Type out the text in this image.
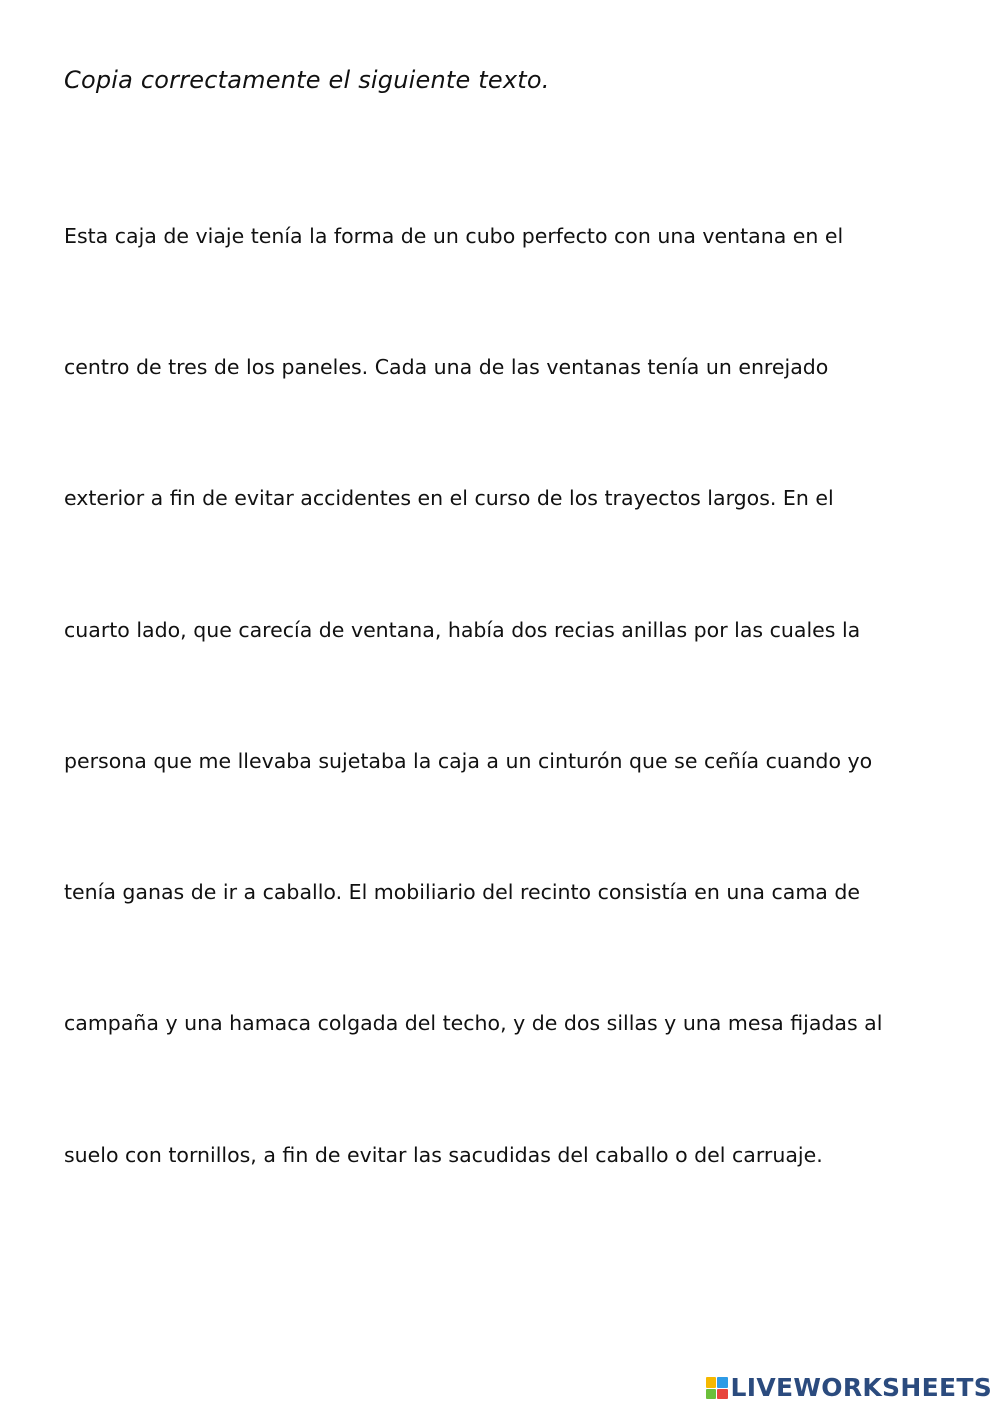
Copia correctamente el siguiente texto.
Esta caja de viaje tenía la forma de un cubo perfecto con una ventana en el
centro de tres de los paneles. Cada una de las ventanas tenía un enrejado
exterior a fin de evitar accidentes en el curso de los trayectos largos. En el
cuarto lado, que carecía de ventana, había dos recias anillas por las cuales la
persona que me llevaba sujetaba la caja a un cinturón que se ceñía cuando yo
tenía ganas de ir a caballo. El mobiliario del recinto consistía en una cama de
campaña y una hamaca colgada del techo, y de dos sillas y una mesa fijadas al
suelo con tornillos, a fin de evitar las sacudidas del caballo o del carruaje.
LIVEWORKSHEETS
